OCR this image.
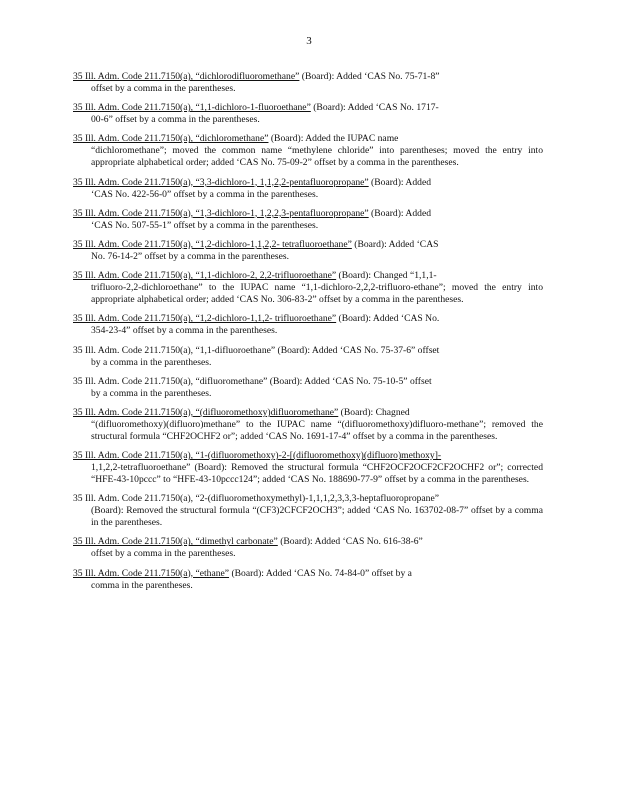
3
35 Ill. Adm. Code 211.7150(a), “dichlorodifluoromethane” (Board): Added ‘CAS No. 75-71-8”
offset by a comma in the parentheses.
35 Ill. Adm. Code 211.7150(a), “1,1-dichloro-1-fluoroethane” (Board): Added ‘CAS No. 1717-
00-6” offset by a comma in the parentheses.
35 Ill. Adm. Code 211.7150(a), “dichloromethane” (Board): Added the IUPAC name
“dichloromethane”; moved the common name “methylene chloride” into parentheses; moved the entry into appropriate alphabetical order; added ‘CAS No. 75-09-2” offset by a comma in the parentheses.
35 Ill. Adm. Code 211.7150(a), “3,3-dichloro-1, 1,1,2,2-pentafluoropropane” (Board): Added
‘CAS No. 422-56-0” offset by a comma in the parentheses.
35 Ill. Adm. Code 211.7150(a), “1,3-dichloro-1, 1,2,2,3-pentafluoropropane” (Board): Added
‘CAS No. 507-55-1” offset by a comma in the parentheses.
35 Ill. Adm. Code 211.7150(a), “1,2-dichloro-1,1,2,2- tetrafluoroethane” (Board): Added ‘CAS
No. 76-14-2” offset by a comma in the parentheses.
35 Ill. Adm. Code 211.7150(a), “1,1-dichloro-2, 2,2-trifluoroethane” (Board): Changed “1,1,1-
trifluoro-2,2-dichloroethane” to the IUPAC name “1,1-dichloro-2,2,2-trifluoro-ethane”; moved the entry into appropriate alphabetical order; added ‘CAS No. 306-83-2” offset by a comma in the parentheses.
35 Ill. Adm. Code 211.7150(a), “1,2-dichloro-1,1,2- trifluoroethane” (Board): Added ‘CAS No.
354-23-4” offset by a comma in the parentheses.
35 Ill. Adm. Code 211.7150(a), “1,1-difluoroethane” (Board): Added ‘CAS No. 75-37-6” offset
by a comma in the parentheses.
35 Ill. Adm. Code 211.7150(a), “difluoromethane” (Board): Added ‘CAS No. 75-10-5” offset
by a comma in the parentheses.
35 Ill. Adm. Code 211.7150(a), “(difluoromethoxy)difluoromethane” (Board): Chagned
“(difluoromethoxy)(difluoro)methane” to the IUPAC name “(difluoromethoxy)difluoro-methane”; removed the structural formula “CHF2OCHF2 or”; added ‘CAS No. 1691-17-4” offset by a comma in the parentheses.
35 Ill. Adm. Code 211.7150(a), “1-(difluoromethoxy)-2-[(difluoromethoxy)(difluoro)methoxy]-
1,1,2,2-tetrafluoroethane” (Board): Removed the structural formula “CHF2OCF2OCF2CF2OCHF2 or”; corrected “HFE-43-10pccc” to “HFE-43-10pccc124”; added ‘CAS No. 188690-77-9” offset by a comma in the parentheses.
35 Ill. Adm. Code 211.7150(a), “2-(difluoromethoxymethyl)-1,1,1,2,3,3,3-heptafluoropropane”
(Board): Removed the structural formula “(CF3)2CFCF2OCH3”; added ‘CAS No. 163702-08-7” offset by a comma in the parentheses.
35 Ill. Adm. Code 211.7150(a), “dimethyl carbonate” (Board): Added ‘CAS No. 616-38-6”
offset by a comma in the parentheses.
35 Ill. Adm. Code 211.7150(a), “ethane” (Board): Added ‘CAS No. 74-84-0” offset by a
comma in the parentheses.
